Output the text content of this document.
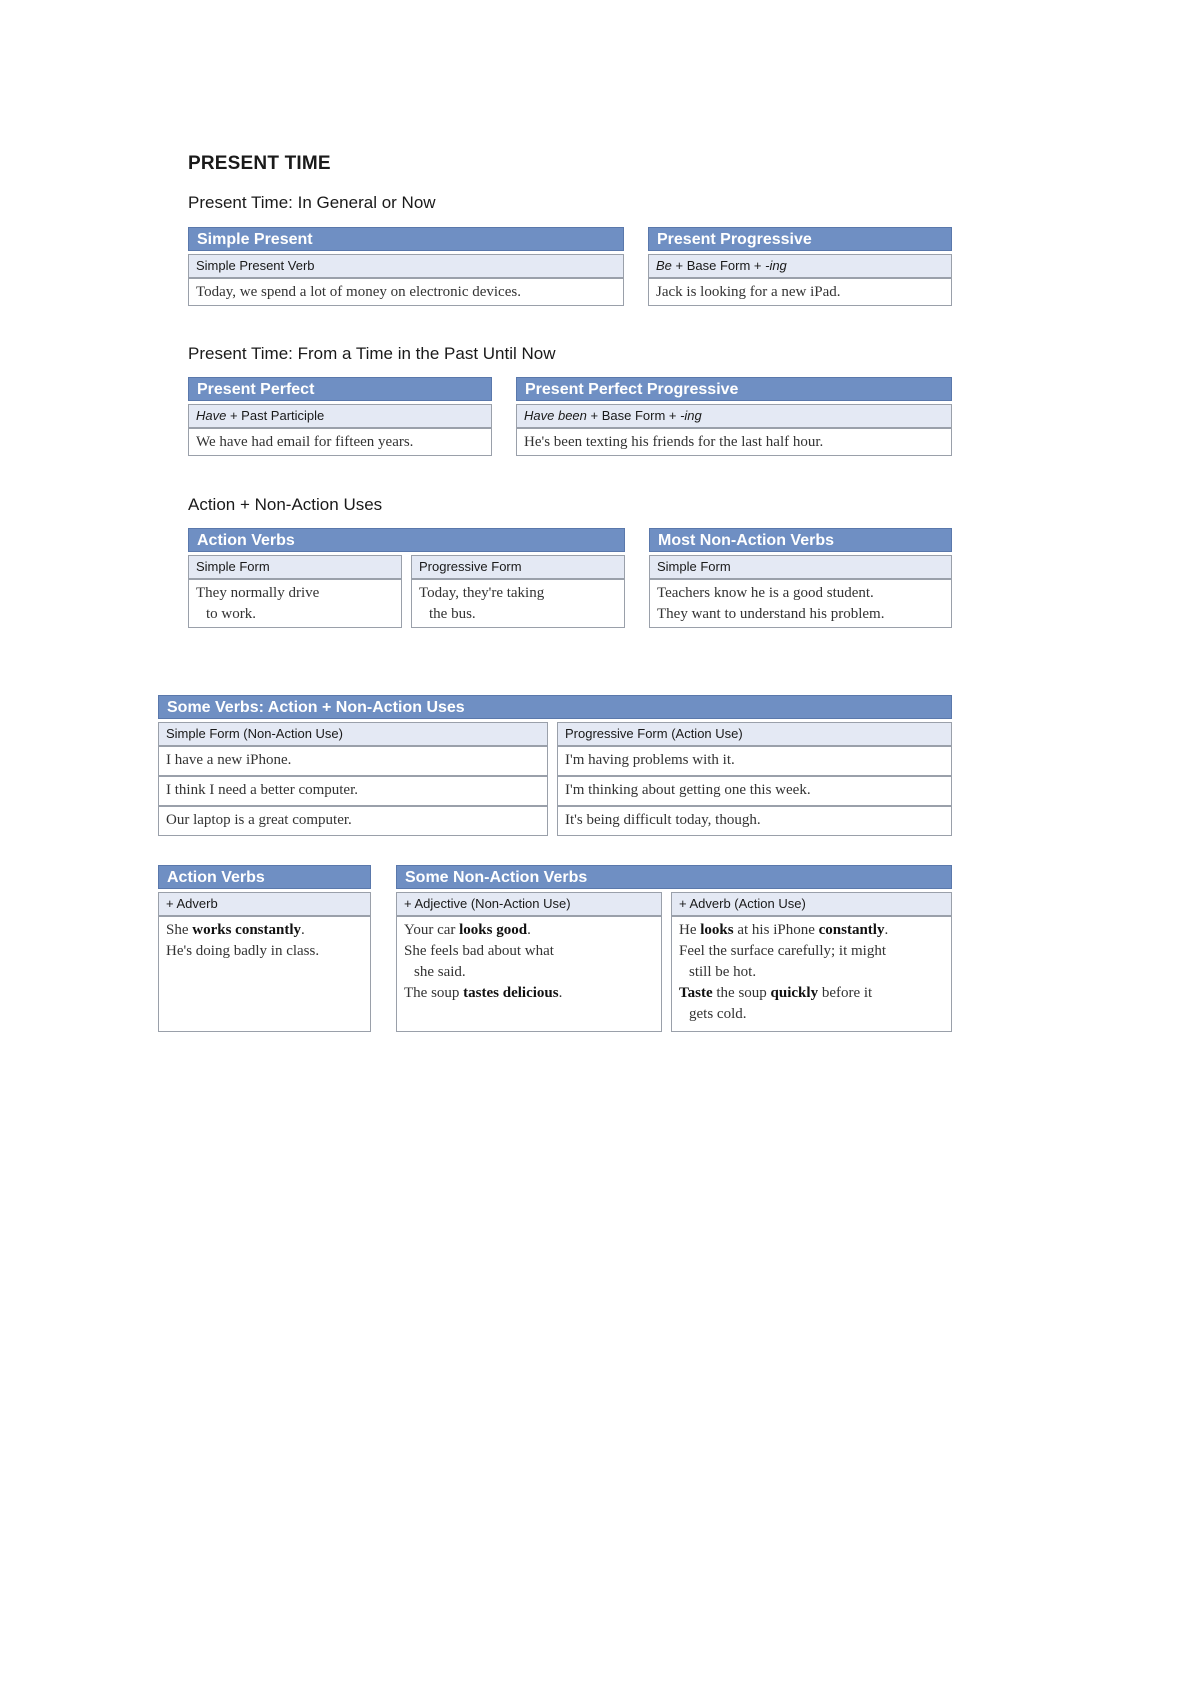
PRESENT TIME
Present Time: In General or Now
Simple Present
Simple Present Verb
Today, we spend a lot of money on electronic devices.
Present Progressive
Be + Base Form + -ing
Jack is looking for a new iPad.
Present Time: From a Time in the Past Until Now
Present Perfect
Have + Past Participle
We have had email for fifteen years.
Present Perfect Progressive
Have been + Base Form + -ing
He's been texting his friends for the last half hour.
Action + Non-Action Uses
Action Verbs
Simple Form
They normally drive
to work.
Progressive Form
Today, they're taking
the bus.
Most Non-Action Verbs
Simple Form
Teachers know he is a good student.
They want to understand his problem.
Some Verbs: Action + Non-Action Uses
Simple Form (Non-Action Use)
I have a new iPhone.
I think I need a better computer.
Our laptop is a great computer.
Progressive Form (Action Use)
I'm having problems with it.
I'm thinking about getting one this week.
It's being difficult today, though.
Action Verbs
+ Adverb
She works constantly.
He's doing badly in class.
Some Non-Action Verbs
+ Adjective (Non-Action Use)
Your car looks good.
She feels bad about what
she said.
The soup tastes delicious.
+ Adverb (Action Use)
He looks at his iPhone constantly.
Feel the surface carefully; it might
still be hot.
Taste the soup quickly before it
gets cold.
